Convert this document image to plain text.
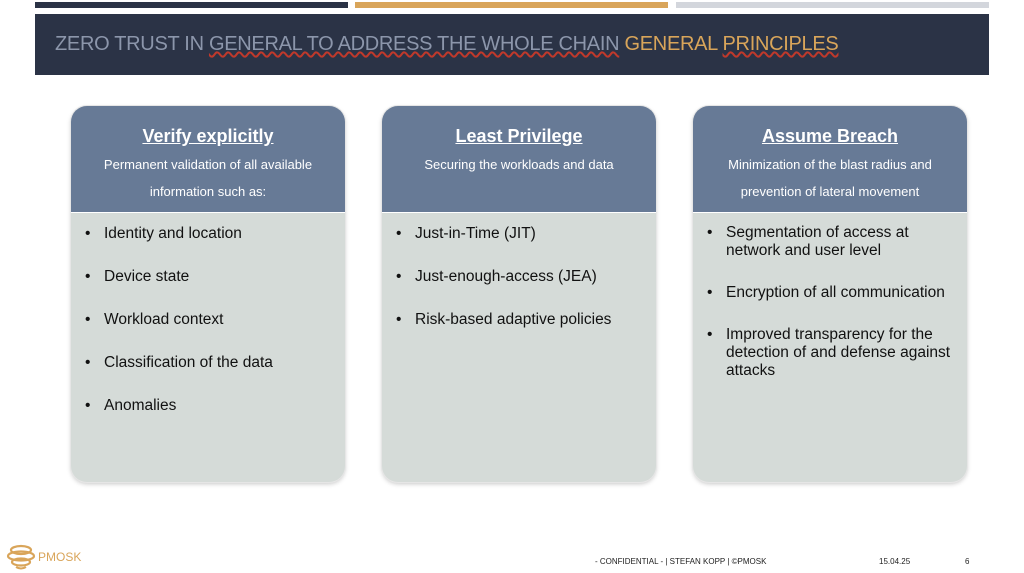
ZERO TRUST IN GENERAL TO ADDRESS THE WHOLE CHAIN GENERAL PRINCIPLES
Verify explicitly
Permanent validation of all available information such as:
• Identity and location
• Device state
• Workload context
• Classification of the data
• Anomalies
Least Privilege
Securing the workloads and data
• Just-in-Time (JIT)
• Just-enough-access (JEA)
• Risk-based adaptive policies
Assume Breach
Minimization of the blast radius and prevention of lateral movement
• Segmentation of access at network and user level
• Encryption of all communication
• Improved transparency for the detection of and defense against attacks
PMOSK	- CONFIDENTIAL - | STEFAN KOPP | ©PMOSK	15.04.25	6
